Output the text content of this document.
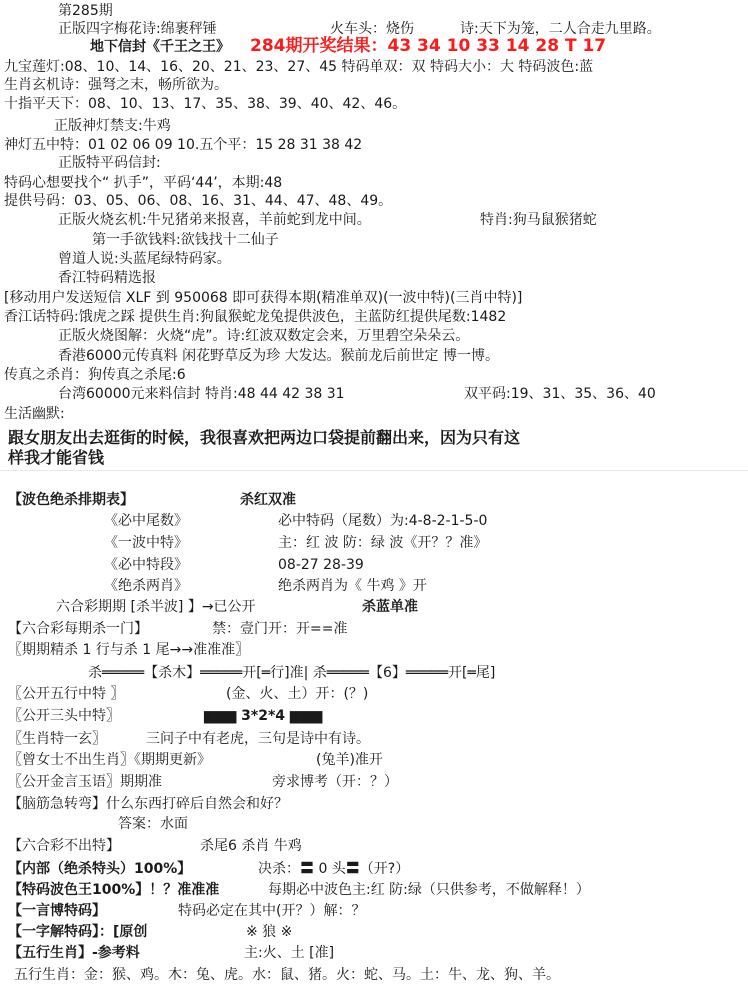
第285期
正版四字梅花诗:绵裹秤锤	火车头：烧伤	诗:天下为笼，二人合走九里路。
地下信封《千王之王》 284期开奖结果：43 34 10 33 14 28 T 17
九宝莲灯:08、10、14、16、20、21、23、27、45 特码单双：双 特码大小：大 特码波色:蓝
生肖玄机诗：强弩之末，畅所欲为。
十指平天下：08、10、13、17、35、38、39、40、42、46。
正版神灯禁支:牛鸡
神灯五中特：01 02 06 09 10.五个平：15 28 31 38 42
正版特平码信封:
特码心想要找个“ 扒手”，平码‘44’，本期:48
提供号码：03、05、06、08、16、31、44、47、48、49。
正版火烧玄机:牛兄猪弟来报喜，羊前蛇到龙中间。	特肖:狗马鼠猴猪蛇
第一手欲钱料:欲钱找十二仙子
曾道人说:头蓝尾绿特码家。
香江特码精选报
[移动用户发送短信 XLF 到 950068 即可获得本期(精准单双)(一波中特)(三肖中特)]
香江话特码:饿虎之踩 提供生肖:狗鼠猴蛇龙兔提供波色，主蓝防红提供尾数:1482
正版火烧图解：火烧“虎”。诗:红波双数定会来，万里碧空朵朵云。
香港6000元传真料 闲花野草反为珍 大发达。猴前龙后前世定 博一博。
传真之杀肖：狗传真之杀尾:6
台湾60000元来料信封 特肖:48 44 42 38 31	双平码:19、31、35、36、40
生活幽默:
跟女朋友出去逛街的时候，我很喜欢把两边口袋提前翻出来，因为只有这
样我才能省钱
【波色绝杀排期表】	杀红双准
《必中尾数》	必中特码（尾数）为:4-8-2-1-5-0
《一波中特》	主：红 波 防：绿 波《开？？准》
《必中特段》	08-27 28-39
《绝杀两肖》	绝杀两肖为《 牛鸡 》开
六合彩期期 [杀半波] 】→已公开	杀蓝单准
【六合彩每期杀一门】	禁：壹门开：开==准
〖期期精杀 1 行与杀 1 尾→→准准准〗
杀═════【杀木】═════开[═行]准| 杀═════【6】═════开[═尾]
〖公开五行中特 〗	(金、火、土）开：(？)
〖公开三头中特〗	▆▆▆ 3*2*4 ▆▆▆
〖生肖特一玄〗	三问子中有老虎，三句是诗中有诗。
〖曾女士不出生肖〗《期期更新》	(兔羊)准开
〖公开金言玉语〗期期准	旁求博考（开：？）
【脑筋急转弯】什么东西打碎后自然会和好？
答案：水面
【六合彩不出特】	杀尾6 杀肖 牛鸡
【内部（绝杀特头）100%】	决杀：〓 0 头〓（开?）
【特码波色王100%】！？准准准	每期必中波色主:红 防:绿（只供参考，不做解释！）
【一言博特码】	特码必定在其中(开？）解：？
【一字解特码】：[原创	※ 狼 ※
【五行生肖】-参考料	主:火、土 [准]
五行生肖：金：猴、鸡。木：兔、虎。水：鼠、猪。火：蛇、马。土：牛、龙、狗、羊。
